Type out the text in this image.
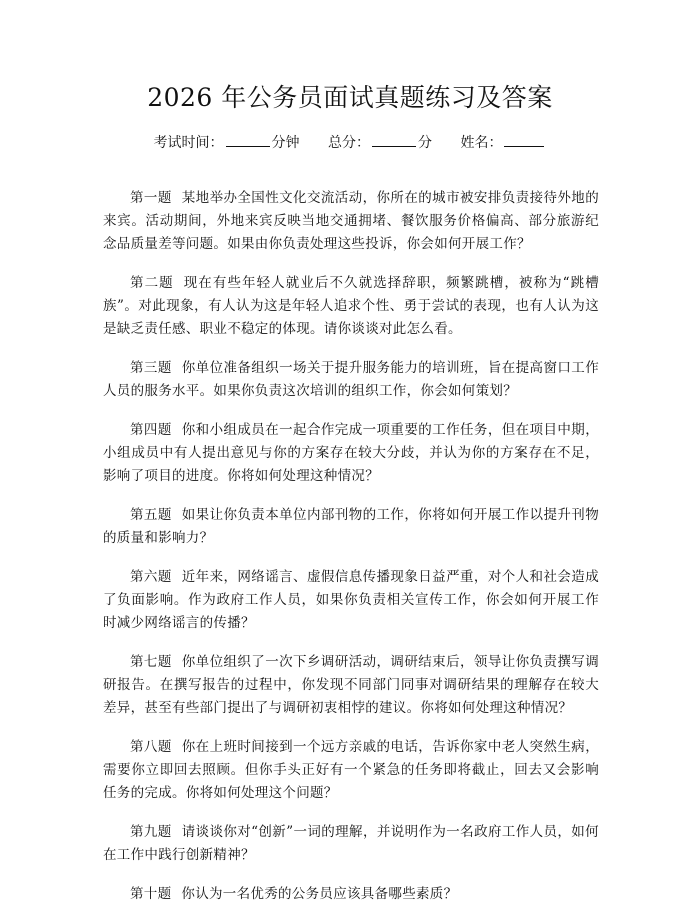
2026 年公务员面试真题练习及答案
考试时间：	分钟 总分：	分 姓名：

第一题 某地举办全国性文化交流活动，你所在的城市被安排负责接待外地的来宾。活动期间，外地来宾反映当地交通拥堵、餐饮服务价格偏高、部分旅游纪念品质量差等问题。如果由你负责处理这些投诉，你会如何开展工作？

第二题 现在有些年轻人就业后不久就选择辞职，频繁跳槽，被称为“跳槽族”。对此现象，有人认为这是年轻人追求个性、勇于尝试的表现，也有人认为这是缺乏责任感、职业不稳定的体现。请你谈谈对此怎么看。

第三题 你单位准备组织一场关于提升服务能力的培训班，旨在提高窗口工作人员的服务水平。如果你负责这次培训的组织工作，你会如何策划？

第四题 你和小组成员在一起合作完成一项重要的工作任务，但在项目中期，小组成员中有人提出意见与你的方案存在较大分歧，并认为你的方案存在不足，影响了项目的进度。你将如何处理这种情况？

第五题 如果让你负责本单位内部刊物的工作，你将如何开展工作以提升刊物的质量和影响力？

第六题 近年来，网络谣言、虚假信息传播现象日益严重，对个人和社会造成了负面影响。作为政府工作人员，如果你负责相关宣传工作，你会如何开展工作时减少网络谣言的传播？

第七题 你单位组织了一次下乡调研活动，调研结束后，领导让你负责撰写调研报告。在撰写报告的过程中，你发现不同部门同事对调研结果的理解存在较大差异，甚至有些部门提出了与调研初衷相悖的建议。你将如何处理这种情况？

第八题 你在上班时间接到一个远方亲戚的电话，告诉你家中老人突然生病，需要你立即回去照顾。但你手头正好有一个紧急的任务即将截止，回去又会影响任务的完成。你将如何处理这个问题？

第九题 请谈谈你对“创新”一词的理解，并说明作为一名政府工作人员，如何在工作中践行创新精神？

第十题 你认为一名优秀的公务员应该具备哪些素质？
